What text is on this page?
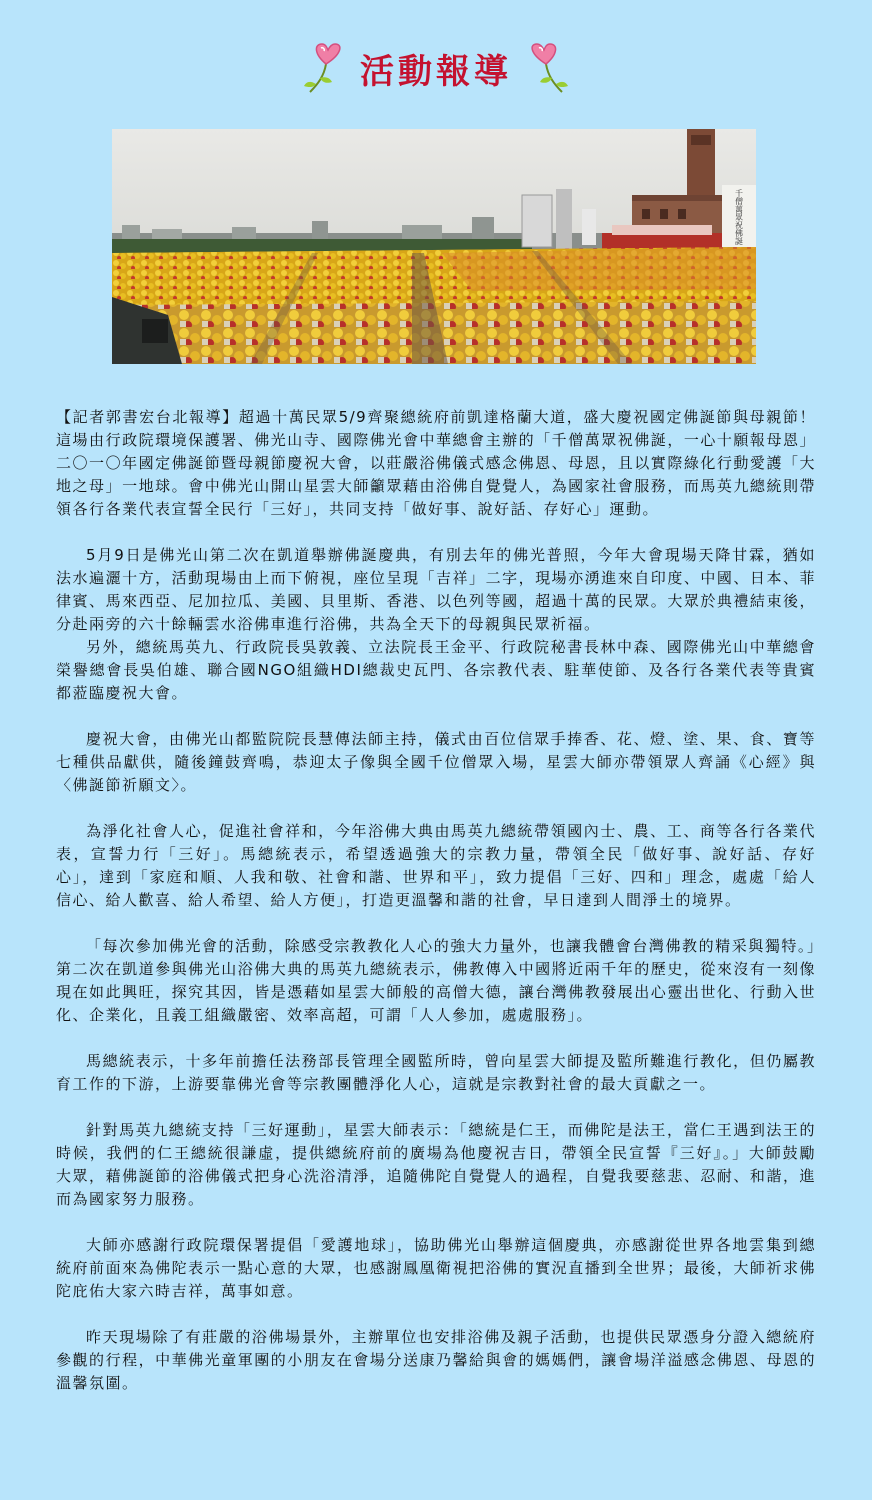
活動報導
千僧萬眾祝佛誕

【記者郭書宏台北報導】超過十萬民眾5/9齊聚總統府前凱達格蘭大道，盛大慶祝國定佛誕節與母親節！這場由行政院環境保護署、佛光山寺、國際佛光會中華總會主辦的「千僧萬眾祝佛誕，一心十願報母恩」二〇一〇年國定佛誕節暨母親節慶祝大會，以莊嚴浴佛儀式感念佛恩、母恩，且以實際綠化行動愛護「大地之母」一地球。會中佛光山開山星雲大師籲眾藉由浴佛自覺覺人，為國家社會服務，而馬英九總統則帶領各行各業代表宣誓全民行「三好」，共同支持「做好事、說好話、存好心」運動。

5月9日是佛光山第二次在凱道舉辦佛誕慶典，有別去年的佛光普照，今年大會現場天降甘霖，猶如法水遍灑十方，活動現場由上而下俯視，座位呈現「吉祥」二字，現場亦湧進來自印度、中國、日本、菲律賓、馬來西亞、尼加拉瓜、美國、貝里斯、香港、以色列等國，超過十萬的民眾。大眾於典禮結束後，分赴兩旁的六十餘輛雲水浴佛車進行浴佛，共為全天下的母親與民眾祈福。

另外，總統馬英九、行政院長吳敦義、立法院長王金平、行政院秘書長林中森、國際佛光山中華總會榮譽總會長吳伯雄、聯合國NGO組織HDI總裁史瓦門、各宗教代表、駐華使節、及各行各業代表等貴賓都蒞臨慶祝大會。

慶祝大會，由佛光山都監院院長慧傳法師主持，儀式由百位信眾手捧香、花、燈、塗、果、食、寶等七種供品獻供，隨後鐘鼓齊鳴，恭迎太子像與全國千位僧眾入場，星雲大師亦帶領眾人齊誦《心經》與〈佛誕節祈願文〉。

為淨化社會人心，促進社會祥和，今年浴佛大典由馬英九總統帶領國內士、農、工、商等各行各業代表，宣誓力行「三好」。馬總統表示，希望透過強大的宗教力量，帶領全民「做好事、說好話、存好心」，達到「家庭和順、人我和敬、社會和諧、世界和平」，致力提倡「三好、四和」理念，處處「給人信心、給人歡喜、給人希望、給人方便」，打造更溫馨和諧的社會，早日達到人間淨土的境界。

「每次參加佛光會的活動，除感受宗教教化人心的強大力量外，也讓我體會台灣佛教的精采與獨特。」第二次在凱道參與佛光山浴佛大典的馬英九總統表示，佛教傳入中國將近兩千年的歷史，從來沒有一刻像現在如此興旺，探究其因，皆是憑藉如星雲大師般的高僧大德，讓台灣佛教發展出心靈出世化、行動入世化、企業化，且義工組織嚴密、效率高超，可謂「人人參加，處處服務」。

馬總統表示，十多年前擔任法務部長管理全國監所時，曾向星雲大師提及監所難進行教化，但仍屬教育工作的下游，上游要靠佛光會等宗教團體淨化人心，這就是宗教對社會的最大貢獻之一。

針對馬英九總統支持「三好運動」，星雲大師表示：「總統是仁王，而佛陀是法王，當仁王遇到法王的時候，我們的仁王總統很謙虛，提供總統府前的廣場為他慶祝吉日，帶領全民宣誓『三好』。」大師鼓勵大眾，藉佛誕節的浴佛儀式把身心洗浴清淨，追隨佛陀自覺覺人的過程，自覺我要慈悲、忍耐、和諧，進而為國家努力服務。

大師亦感謝行政院環保署提倡「愛護地球」，協助佛光山舉辦這個慶典，亦感謝從世界各地雲集到總統府前面來為佛陀表示一點心意的大眾，也感謝鳳凰衛視把浴佛的實況直播到全世界；最後，大師祈求佛陀庇佑大家六時吉祥，萬事如意。

昨天現場除了有莊嚴的浴佛場景外，主辦單位也安排浴佛及親子活動，也提供民眾憑身分證入總統府參觀的行程，中華佛光童軍團的小朋友在會場分送康乃馨給與會的媽媽們，讓會場洋溢感念佛恩、母恩的溫馨氛圍。
